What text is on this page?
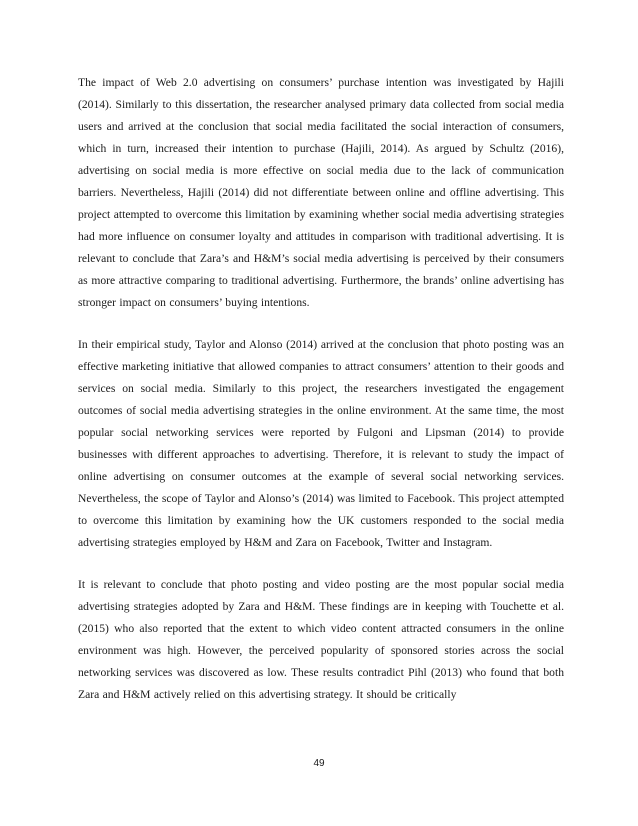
The impact of Web 2.0 advertising on consumers’ purchase intention was investigated by Hajili (2014). Similarly to this dissertation, the researcher analysed primary data collected from social media users and arrived at the conclusion that social media facilitated the social interaction of consumers, which in turn, increased their intention to purchase (Hajili, 2014). As argued by Schultz (2016), advertising on social media is more effective on social media due to the lack of communication barriers. Nevertheless, Hajili (2014) did not differentiate between online and offline advertising. This project attempted to overcome this limitation by examining whether social media advertising strategies had more influence on consumer loyalty and attitudes in comparison with traditional advertising. It is relevant to conclude that Zara’s and H&M’s social media advertising is perceived by their consumers as more attractive comparing to traditional advertising. Furthermore, the brands’ online advertising has stronger impact on consumers’ buying intentions.

In their empirical study, Taylor and Alonso (2014) arrived at the conclusion that photo posting was an effective marketing initiative that allowed companies to attract consumers’ attention to their goods and services on social media. Similarly to this project, the researchers investigated the engagement outcomes of social media advertising strategies in the online environment. At the same time, the most popular social networking services were reported by Fulgoni and Lipsman (2014) to provide businesses with different approaches to advertising. Therefore, it is relevant to study the impact of online advertising on consumer outcomes at the example of several social networking services. Nevertheless, the scope of Taylor and Alonso’s (2014) was limited to Facebook. This project attempted to overcome this limitation by examining how the UK customers responded to the social media advertising strategies employed by H&M and Zara on Facebook, Twitter and Instagram.

It is relevant to conclude that photo posting and video posting are the most popular social media advertising strategies adopted by Zara and H&M. These findings are in keeping with Touchette et al. (2015) who also reported that the extent to which video content attracted consumers in the online environment was high. However, the perceived popularity of sponsored stories across the social networking services was discovered as low. These results contradict Pihl (2013) who found that both Zara and H&M actively relied on this advertising strategy. It should be critically

49
